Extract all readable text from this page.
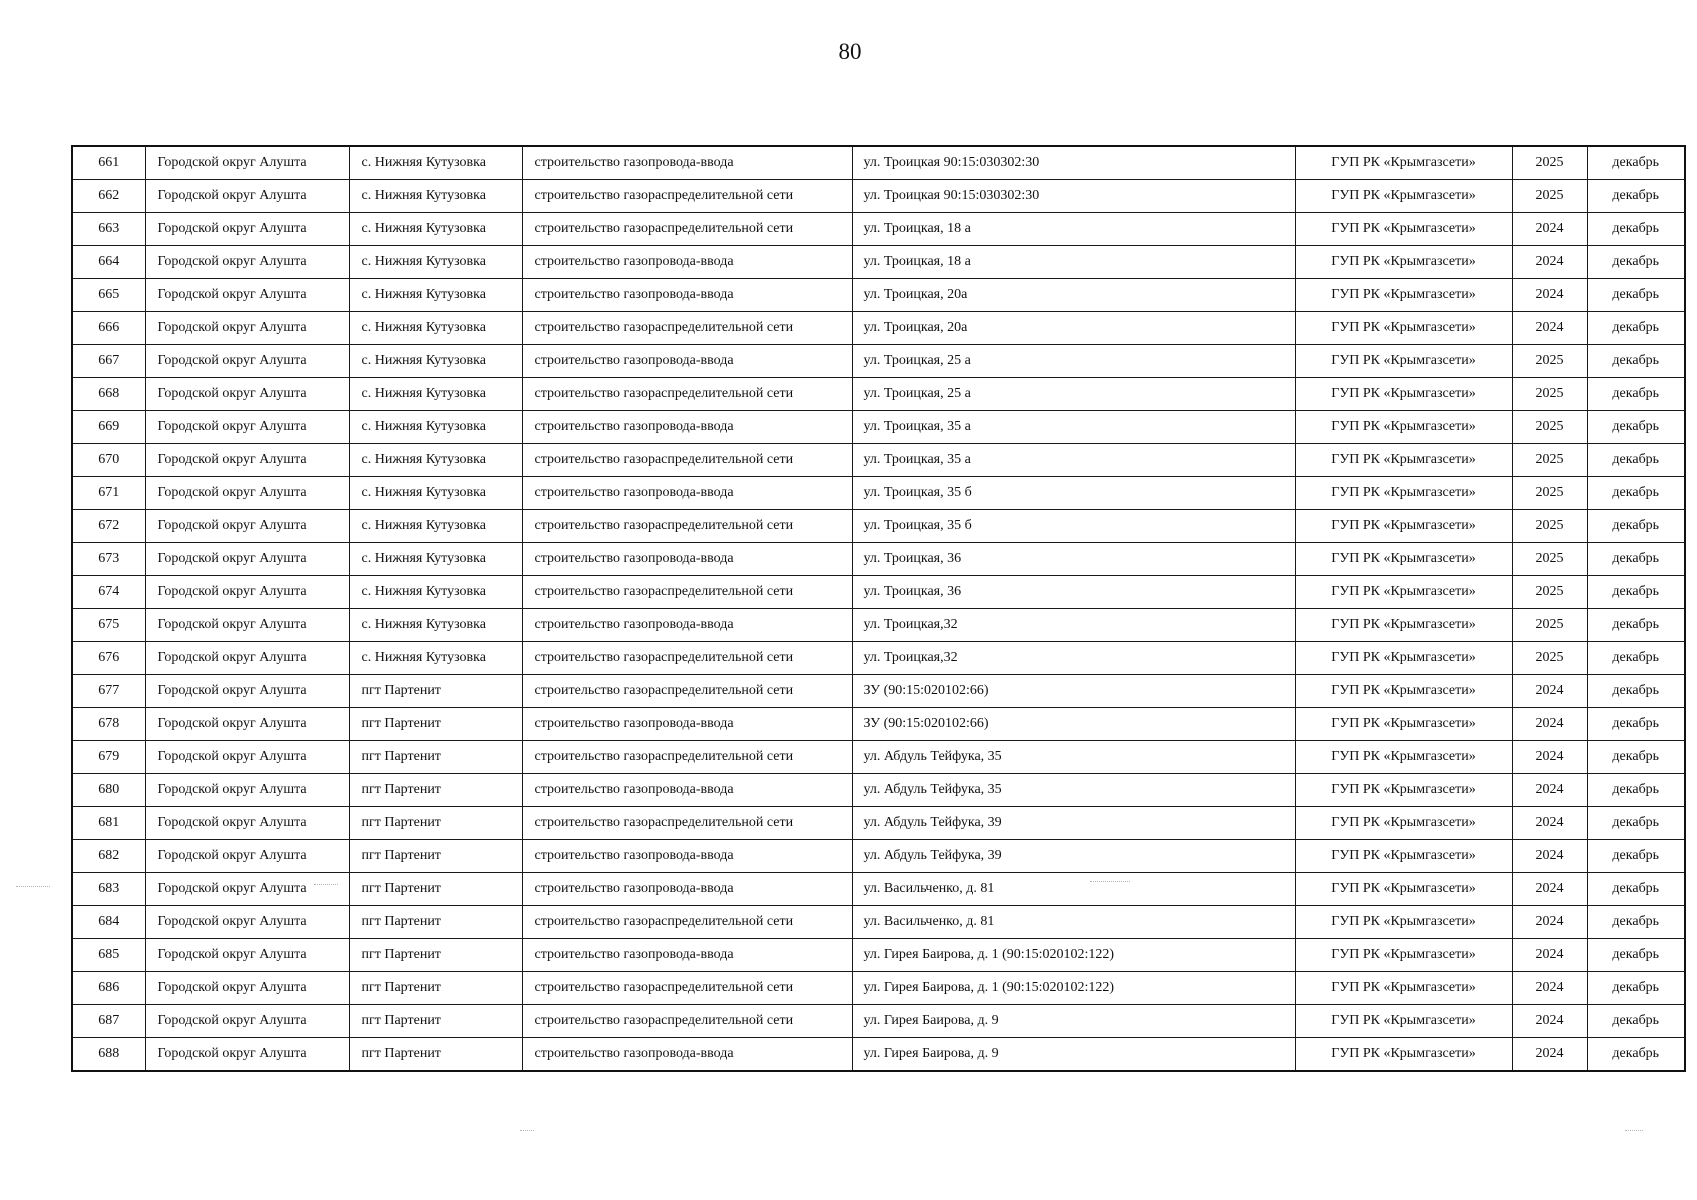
80
661	Городской округ Алушта	с. Нижняя Кутузовка	строительство газопровода-ввода	ул. Троицкая 90:15:030302:30	ГУП РК «Крымгазсети»	2025	декабрь
662	Городской округ Алушта	с. Нижняя Кутузовка	строительство газораспределительной сети	ул. Троицкая 90:15:030302:30	ГУП РК «Крымгазсети»	2025	декабрь
663	Городской округ Алушта	с. Нижняя Кутузовка	строительство газораспределительной сети	ул. Троицкая, 18 а	ГУП РК «Крымгазсети»	2024	декабрь
664	Городской округ Алушта	с. Нижняя Кутузовка	строительство газопровода-ввода	ул. Троицкая, 18 а	ГУП РК «Крымгазсети»	2024	декабрь
665	Городской округ Алушта	с. Нижняя Кутузовка	строительство газопровода-ввода	ул. Троицкая, 20а	ГУП РК «Крымгазсети»	2024	декабрь
666	Городской округ Алушта	с. Нижняя Кутузовка	строительство газораспределительной сети	ул. Троицкая, 20а	ГУП РК «Крымгазсети»	2024	декабрь
667	Городской округ Алушта	с. Нижняя Кутузовка	строительство газопровода-ввода	ул. Троицкая, 25 а	ГУП РК «Крымгазсети»	2025	декабрь
668	Городской округ Алушта	с. Нижняя Кутузовка	строительство газораспределительной сети	ул. Троицкая, 25 а	ГУП РК «Крымгазсети»	2025	декабрь
669	Городской округ Алушта	с. Нижняя Кутузовка	строительство газопровода-ввода	ул. Троицкая, 35 а	ГУП РК «Крымгазсети»	2025	декабрь
670	Городской округ Алушта	с. Нижняя Кутузовка	строительство газораспределительной сети	ул. Троицкая, 35 а	ГУП РК «Крымгазсети»	2025	декабрь
671	Городской округ Алушта	с. Нижняя Кутузовка	строительство газопровода-ввода	ул. Троицкая, 35 б	ГУП РК «Крымгазсети»	2025	декабрь
672	Городской округ Алушта	с. Нижняя Кутузовка	строительство газораспределительной сети	ул. Троицкая, 35 б	ГУП РК «Крымгазсети»	2025	декабрь
673	Городской округ Алушта	с. Нижняя Кутузовка	строительство газопровода-ввода	ул. Троицкая, 36	ГУП РК «Крымгазсети»	2025	декабрь
674	Городской округ Алушта	с. Нижняя Кутузовка	строительство газораспределительной сети	ул. Троицкая, 36	ГУП РК «Крымгазсети»	2025	декабрь
675	Городской округ Алушта	с. Нижняя Кутузовка	строительство газопровода-ввода	ул. Троицкая,32	ГУП РК «Крымгазсети»	2025	декабрь
676	Городской округ Алушта	с. Нижняя Кутузовка	строительство газораспределительной сети	ул. Троицкая,32	ГУП РК «Крымгазсети»	2025	декабрь
677	Городской округ Алушта	пгт Партенит	строительство газораспределительной сети	ЗУ (90:15:020102:66)	ГУП РК «Крымгазсети»	2024	декабрь
678	Городской округ Алушта	пгт Партенит	строительство газопровода-ввода	ЗУ (90:15:020102:66)	ГУП РК «Крымгазсети»	2024	декабрь
679	Городской округ Алушта	пгт Партенит	строительство газораспределительной сети	ул. Абдуль Тейфука, 35	ГУП РК «Крымгазсети»	2024	декабрь
680	Городской округ Алушта	пгт Партенит	строительство газопровода-ввода	ул. Абдуль Тейфука, 35	ГУП РК «Крымгазсети»	2024	декабрь
681	Городской округ Алушта	пгт Партенит	строительство газораспределительной сети	ул. Абдуль Тейфука, 39	ГУП РК «Крымгазсети»	2024	декабрь
682	Городской округ Алушта	пгт Партенит	строительство газопровода-ввода	ул. Абдуль Тейфука, 39	ГУП РК «Крымгазсети»	2024	декабрь
683	Городской округ Алушта	пгт Партенит	строительство газопровода-ввода	ул. Васильченко, д. 81	ГУП РК «Крымгазсети»	2024	декабрь
684	Городской округ Алушта	пгт Партенит	строительство газораспределительной сети	ул. Васильченко, д. 81	ГУП РК «Крымгазсети»	2024	декабрь
685	Городской округ Алушта	пгт Партенит	строительство газопровода-ввода	ул. Гирея Баирова, д. 1 (90:15:020102:122)	ГУП РК «Крымгазсети»	2024	декабрь
686	Городской округ Алушта	пгт Партенит	строительство газораспределительной сети	ул. Гирея Баирова, д. 1 (90:15:020102:122)	ГУП РК «Крымгазсети»	2024	декабрь
687	Городской округ Алушта	пгт Партенит	строительство газораспределительной сети	ул. Гирея Баирова, д. 9	ГУП РК «Крымгазсети»	2024	декабрь
688	Городской округ Алушта	пгт Партенит	строительство газопровода-ввода	ул. Гирея Баирова, д. 9	ГУП РК «Крымгазсети»	2024	декабрь
